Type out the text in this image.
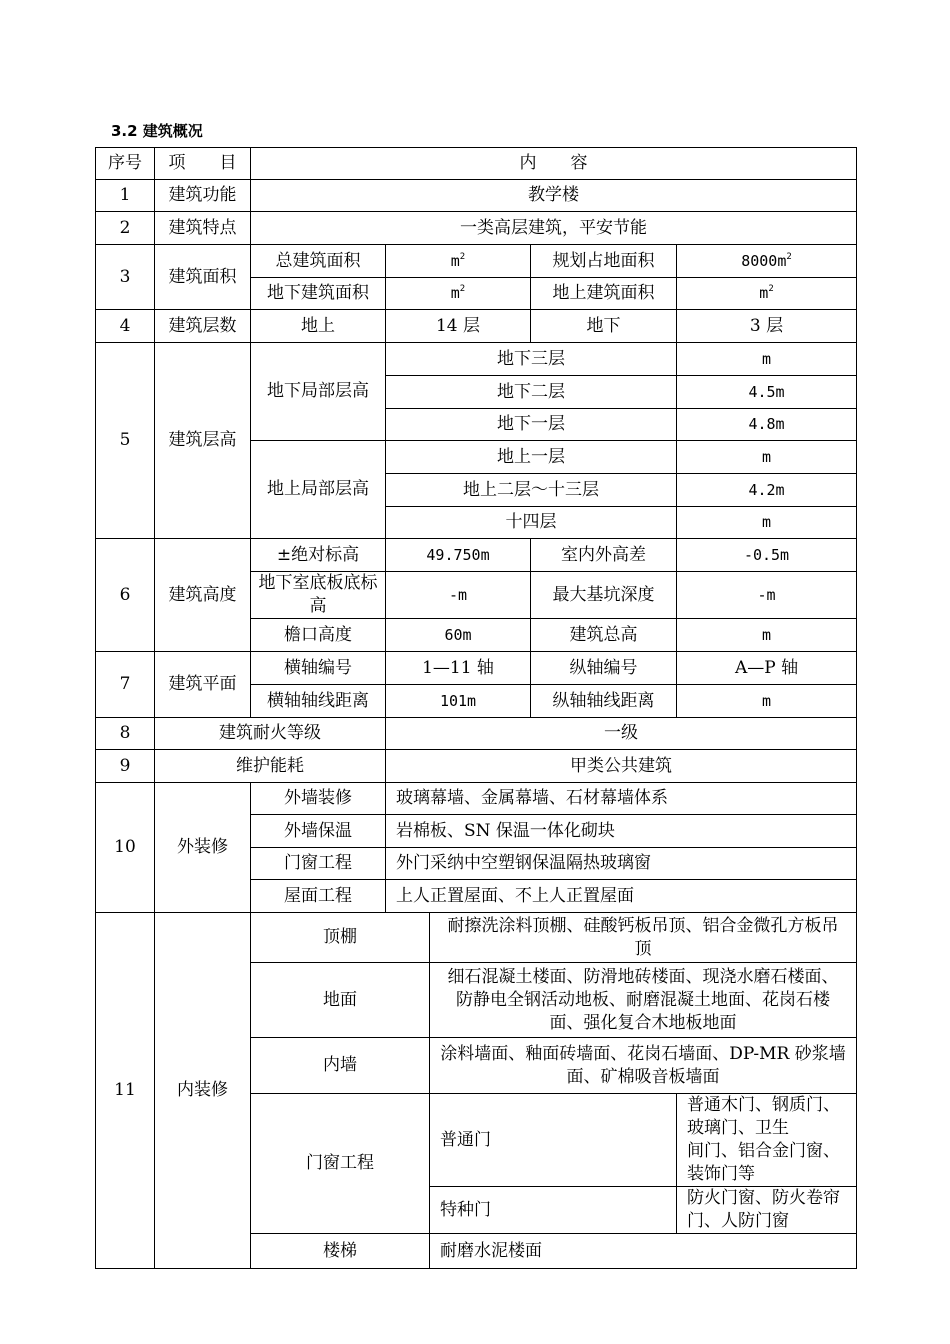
3.2 建筑概况
序号	项　　目	内　　容				
1	建筑功能	教学楼				
2	建筑特点	一类高层建筑，平安节能				
3	建筑面积	总建筑面积	$m^2$		规划占地面积	$8000m^2$
		地下建筑面积	$m^2$		地上建筑面积	$m^2$
4	建筑层数	地上	14 层		地下	3 层
5	建筑层高	地下局部层高	地下三层			m
			地下二层			4.5m
			地下一层			4.8m
		地上局部层高	地上一层			m
			地上二层～十三层			4.2m
			十四层			m
6	建筑高度	±绝对标高	49.750m		室内外高差	-0.5m
		地下室底板底标高	-m		最大基坑深度	-m
		檐口高度	60m		建筑总高	m
7	建筑平面	横轴编号	1—11 轴		纵轴编号	A—P 轴
		横轴轴线距离	101m		纵轴轴线距离	m
8	建筑耐火等级		一级			
9	维护能耗		甲类公共建筑			
10	外装修	外墙装修	玻璃幕墙、金属幕墙、石材幕墙体系			
		外墙保温	岩棉板、SN 保温一体化砌块			
		门窗工程	外门采纳中空塑钢保温隔热玻璃窗			
		屋面工程	上人正置屋面、不上人正置屋面			
11	内装修	顶棚		耐擦洗涂料顶棚、硅酸钙板吊顶、铝合金微孔方板吊
顶		

		地面		细石混凝土楼面、防滑地砖楼面、现浇水磨石楼面、
防静电全钢活动地板、耐磨混凝土地面、花岗石楼
面、强化复合木地板地面		

		内墙		涂料墙面、釉面砖墙面、花岗石墙面、DP-MR 砂浆墙
面、矿棉吸音板墙面		

		门窗工程		普通门		普通木门、钢质门、玻璃门、卫生
间门、铝合金门窗、装饰门等

				特种门		防火门窗、防火卷帘门、人防门窗
		楼梯		耐磨水泥楼面		
